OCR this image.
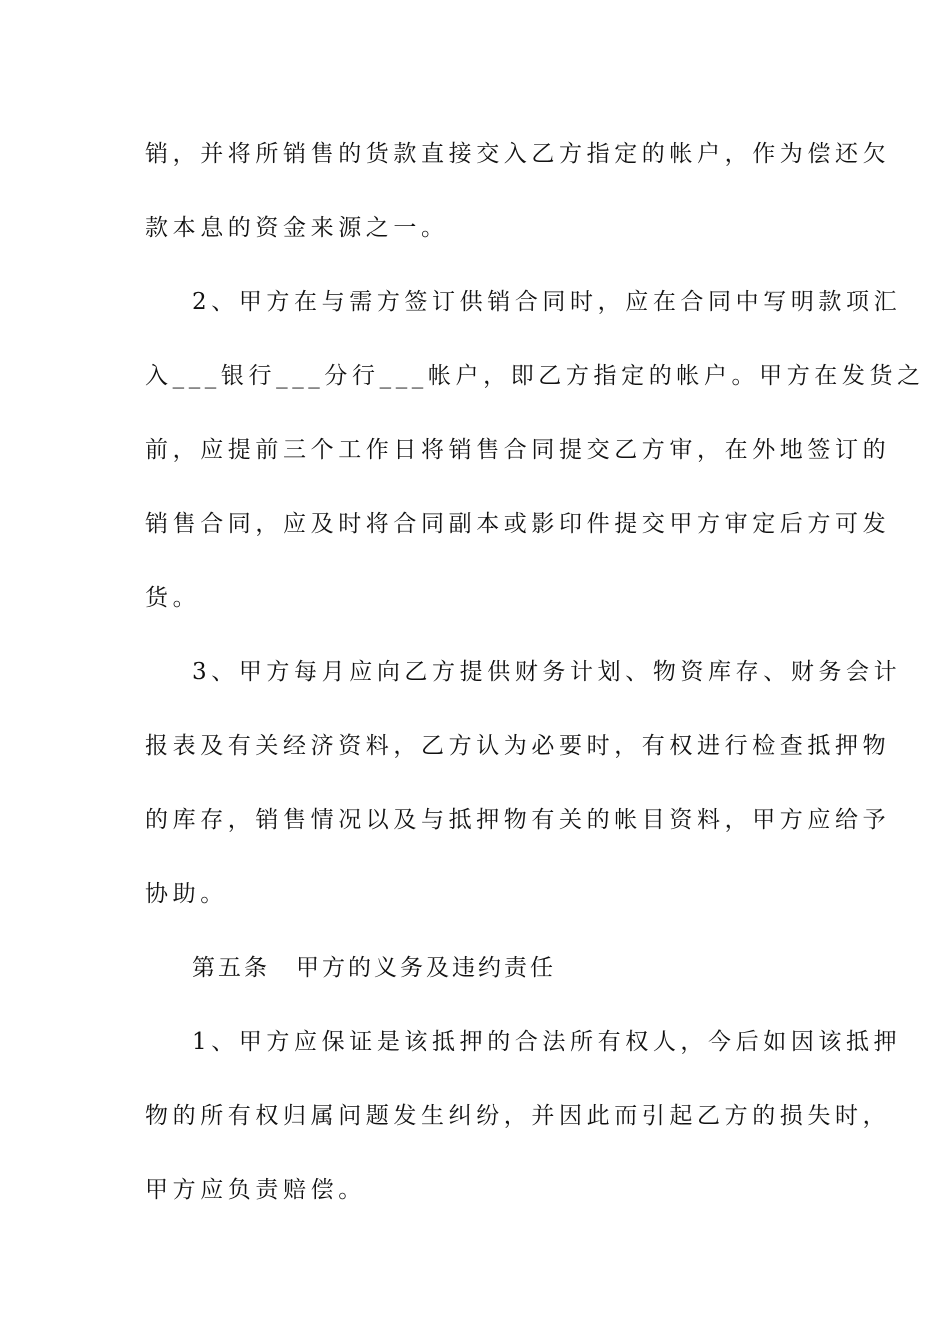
销，并将所销售的货款直接交入乙方指定的帐户，作为偿还欠
款本息的资金来源之一。
2、甲方在与需方签订供销合同时，应在合同中写明款项汇
入___银行___分行___帐户，即乙方指定的帐户。甲方在发货之
前，应提前三个工作日将销售合同提交乙方审，在外地签订的
销售合同，应及时将合同副本或影印件提交甲方审定后方可发
货。
3、甲方每月应向乙方提供财务计划、物资库存、财务会计
报表及有关经济资料，乙方认为必要时，有权进行检查抵押物
的库存，销售情况以及与抵押物有关的帐目资料，甲方应给予
协助。
第五条 甲方的义务及违约责任
1、甲方应保证是该抵押的合法所有权人，今后如因该抵押
物的所有权归属问题发生纠纷，并因此而引起乙方的损失时，
甲方应负责赔偿。
